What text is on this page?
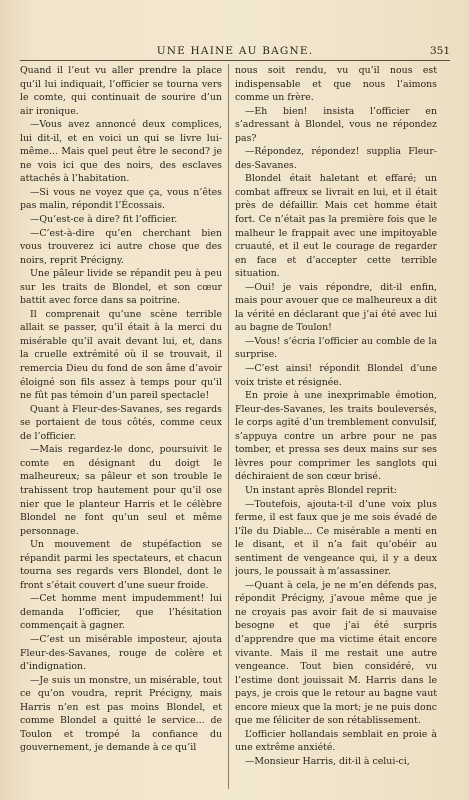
UNE HAINE AU BAGNE.	351

Quand il l’eut vu aller prendre la place qu’il lui indiquait, l’officier se tourna vers le comte, qui continuait de sourire d’un air ironique.

—Vous avez annoncé deux complices, lui dit-il, et en voici un qui se livre lui-même... Mais quel peut être le second? je ne vois ici que des noirs, des esclaves attachés à l’habitation.

—Si vous ne voyez que ça, vous n’êtes pas malin, répondit l’Écossais.

—Qu’est-ce à dire? fit l’officier.

—C’est-à-dire qu’en cherchant bien vous trouverez ici autre chose que des noirs, reprit Précigny.

Une pâleur livide se répandit peu à peu sur les traits de Blondel, et son cœur battit avec force dans sa poitrine.

Il comprenait qu’une scène terrible allait se passer, qu’il était à la merci du misérable qu’il avait devant lui, et, dans la cruelle extrémité où il se trouvait, il remercia Dieu du fond de son âme d’avoir éloigné son fils assez à temps pour qu’il ne fût pas témoin d’un pareil spectacle!

Quant à Fleur-des-Savanes, ses regards se portaient de tous côtés, comme ceux de l’officier.

—Mais regardez-le donc, poursuivit le comte en désignant du doigt le malheureux; sa pâleur et son trouble le trahissent trop hautement pour qu’il ose nier que le planteur Harris et le célèbre Blondel ne font qu’un seul et même personnage.

Un mouvement de stupéfaction se répandit parmi les spectateurs, et chacun tourna ses regards vers Blondel, dont le front s’était couvert d’une sueur froide.

—Cet homme ment impudemment! lui demanda l’officier, que l’hésitation commençait à gagner.

—C’est un misérable imposteur, ajouta Fleur-des-Savanes, rouge de colère et d’indignation.

—Je suis un monstre, un misérable, tout ce qu’on voudra, reprit Précigny, mais Harris n’en est pas moins Blondel, et comme Blondel a quitté le service... de Toulon et trompé la confiance du gouvernement, je demande à ce qu’il

nous soit rendu, vu qu’il nous est indispensable et que nous l’aimons comme un frère.

—Eh bien! insista l’officier en s’adressant à Blondel, vous ne répondez pas?

—Répondez, répondez! supplia Fleur-des-Savanes.

Blondel était haletant et effaré; un combat affreux se livrait en lui, et il était près de défaillir. Mais cet homme était fort. Ce n’était pas la première fois que le malheur le frappait avec une impitoyable cruauté, et il eut le courage de regarder en face et d’accepter cette terrible situation.

—Oui! je vais répondre, dit-il enfin, mais pour avouer que ce malheureux a dit la vérité en déclarant que j’ai été avec lui au bagne de Toulon!

—Vous! s’écria l’officier au comble de la surprise.

—C’est ainsi! répondit Blondel d’une voix triste et résignée.

En proie à une inexprimable émotion, Fleur-des-Savanes, les traits bouleversés, le corps agité d’un tremblement convulsif, s’appuya contre un arbre pour ne pas tomber, et pressa ses deux mains sur ses lèvres pour comprimer les sanglots qui déchiraient de son cœur brisé.

Un instant après Blondel reprit:

—Toutefois, ajouta-t-il d’une voix plus ferme, il est faux que je me sois évadé de l’île du Diable... Ce misérable a menti en le disant, et il n’a fait qu’obéir au sentiment de vengeance qui, il y a deux jours, le poussait à m’assassiner.

—Quant à cela, je ne m’en défends pas, répondit Précigny, j’avoue même que je ne croyais pas avoir fait de si mauvaise besogne et que j’ai été surpris d’apprendre que ma victime était encore vivante. Mais il me restait une autre vengeance. Tout bien considéré, vu l’estime dont jouissait M. Harris dans le pays, je crois que le retour au bagne vaut encore mieux que la mort; je ne puis donc que me féliciter de son rétablissement.

L’officier hollandais semblait en proie à une extrême anxiété.

—Monsieur Harris, dit-il à celui-ci,
